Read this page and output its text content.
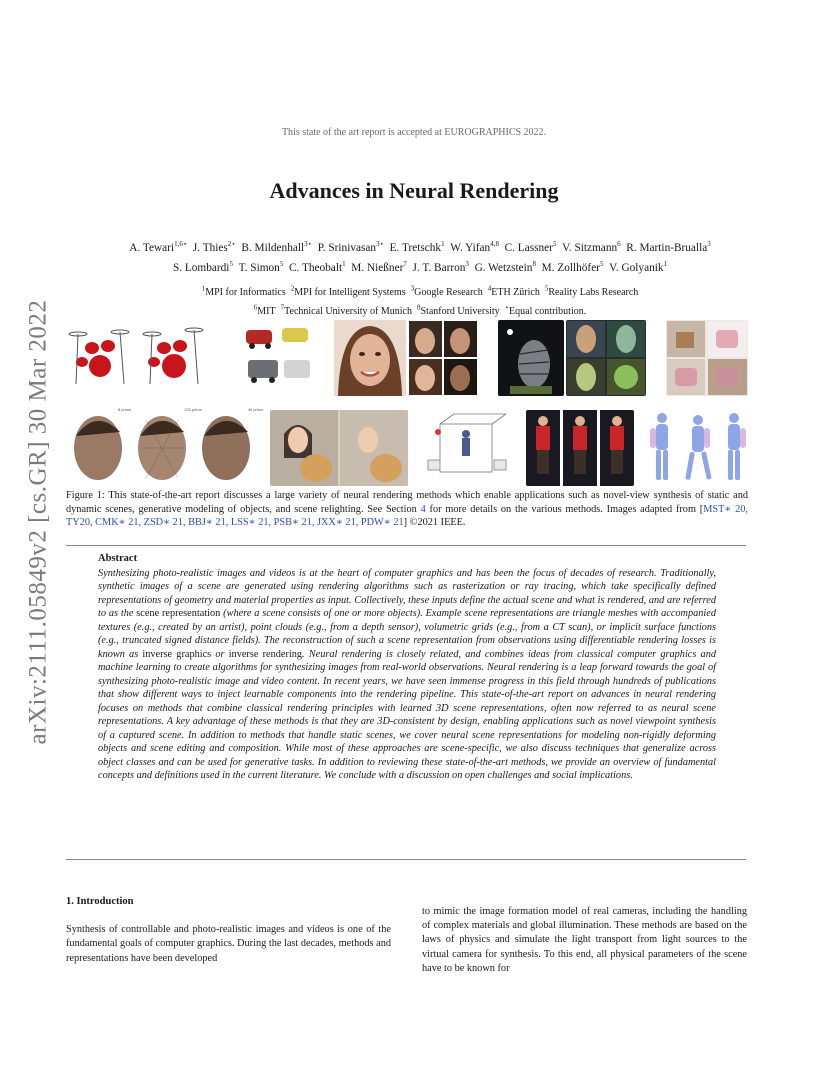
arXiv:2111.05849v2 [cs.GR] 30 Mar 2022
This state of the art report is accepted at EUROGRAPHICS 2022.
Advances in Neural Rendering
A. Tewari$^{1,6⋆}$  J. Thies$^{2⋆}$  B. Mildenhall$^{3⋆}$  P. Srinivasan$^{3⋆}$  E. Tretschk$^1$  W. Yifan$^{4,8}$  C. Lassner$^5$  V. Sitzmann$^6$  R. Martin-Brualla$^3$
S. Lombardi$^5$  T. Simon$^5$  C. Theobalt$^1$  M. Nießner$^7$  J. T. Barron$^3$  G. Wetzstein$^8$  M. Zollhöfer$^5$  V. Golyanik$^1$
$^1$MPI for Informatics  $^2$MPI for Intelligent Systems  $^3$Google Research  $^4$ETH Zürich  $^5$Reality Labs Research
$^6$MIT  $^7$Technical University of Munich  $^8$Stanford University  ⋆Equal contribution.
8 prims	125 prims	4k prims
Figure 1: This state-of-the-art report discusses a large variety of neural rendering methods which enable applications such as novel-view synthesis of static and dynamic scenes, generative modeling of objects, and scene relighting. See Section 4 for more details on the various methods. Images adapted from [MST∗ 20, TY20, CMK∗ 21, ZSD∗ 21, BBJ∗ 21, LSS∗ 21, PSB∗ 21, JXX∗ 21, PDW∗ 21] ©2021 IEEE.
Abstract

Synthesizing photo-realistic images and videos is at the heart of computer graphics and has been the focus of decades of research. Traditionally, synthetic images of a scene are generated using rendering algorithms such as rasterization or ray tracing, which take specifically defined representations of geometry and material properties as input. Collectively, these inputs define the actual scene and what is rendered, and are referred to as the scene representation (where a scene consists of one or more objects). Example scene representations are triangle meshes with accompanied textures (e.g., created by an artist), point clouds (e.g., from a depth sensor), volumetric grids (e.g., from a CT scan), or implicit surface functions (e.g., truncated signed distance fields). The reconstruction of such a scene representation from observations using differentiable rendering losses is known as inverse graphics or inverse rendering. Neural rendering is closely related, and combines ideas from classical computer graphics and machine learning to create algorithms for synthesizing images from real-world observations. Neural rendering is a leap forward towards the goal of synthesizing photo-realistic image and video content. In recent years, we have seen immense progress in this field through hundreds of publications that show different ways to inject learnable components into the rendering pipeline. This state-of-the-art report on advances in neural rendering focuses on methods that combine classical rendering principles with learned 3D scene representations, often now referred to as neural scene representations. A key advantage of these methods is that they are 3D-consistent by design, enabling applications such as novel viewpoint synthesis of a captured scene. In addition to methods that handle static scenes, we cover neural scene representations for modeling non-rigidly deforming objects and scene editing and composition. While most of these approaches are scene-specific, we also discuss techniques that generalize across object classes and can be used for generative tasks. In addition to reviewing these state-of-the-art methods, we provide an overview of fundamental concepts and definitions used in the current literature. We conclude with a discussion on open challenges and social implications.

1. Introduction

Synthesis of controllable and photo-realistic images and videos is one of the fundamental goals of computer graphics. During the last decades, methods and representations have been developed

to mimic the image formation model of real cameras, including the handling of complex materials and global illumination. These methods are based on the laws of physics and simulate the light transport from light sources to the virtual camera for synthesis. To this end, all physical parameters of the scene have to be known for
